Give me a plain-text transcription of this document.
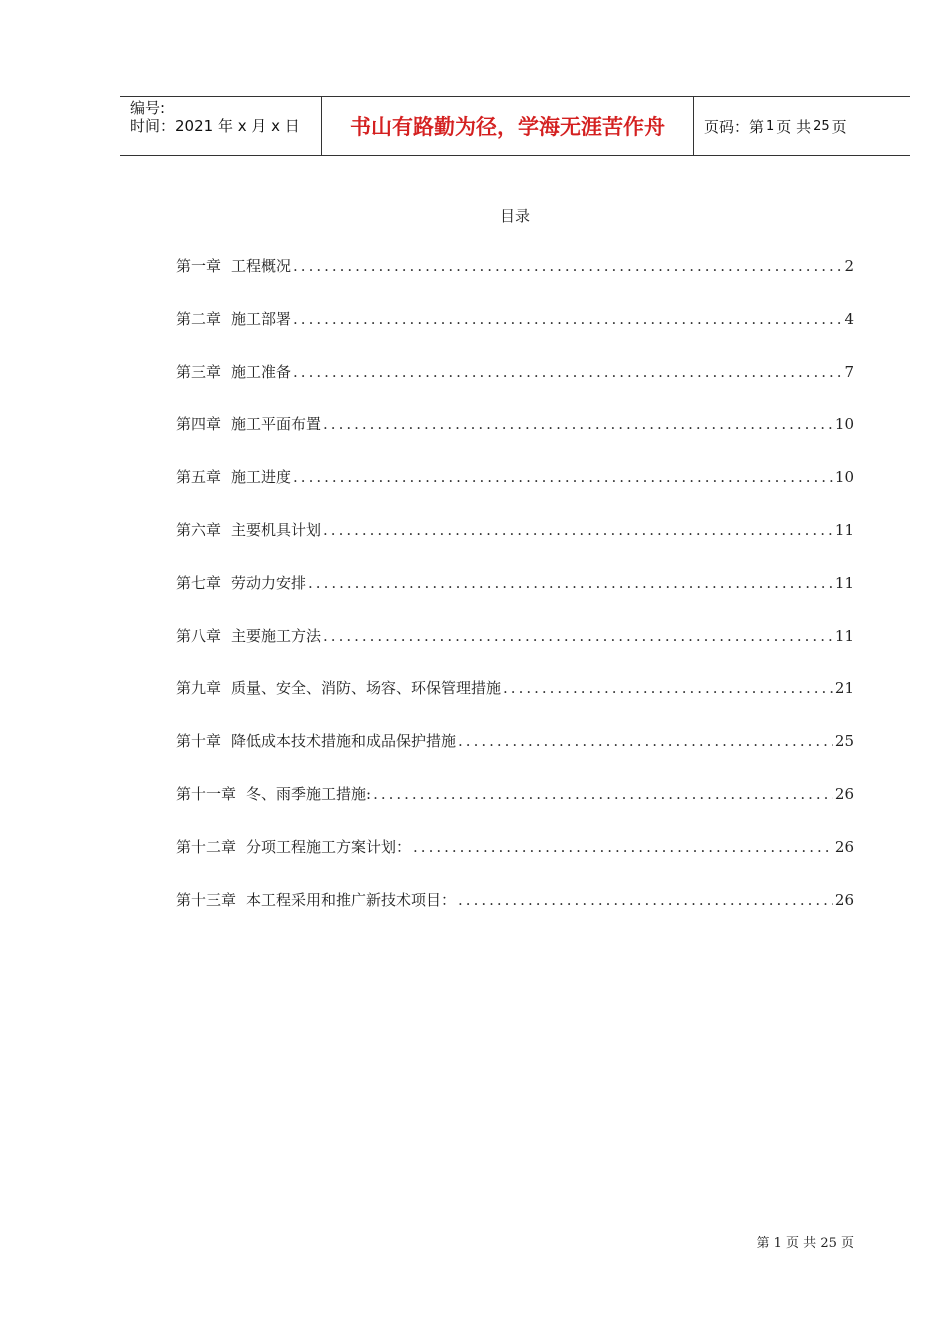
编号:
时间：2021 年 x 月 x 日	书山有路勤为径，学海无涯苦作舟	页码：第 1 页 共 25 页
目录
第一章 工程概况 .....	2
第二章 施工部署 .....	4
第三章 施工准备 .....	7
第四章 施工平面布置 .....	10
第五章 施工进度 .....	10
第六章 主要机具计划 .....	11
第七章 劳动力安排 .....	11
第八章 主要施工方法 .....	11
第九章 质量、安全、消防、场容、环保管理措施 .....	21
第十章 降低成本技术措施和成品保护措施 .....	25
第十一章 冬、雨季施工措施: .....	26
第十二章 分项工程施工方案计划： .....	26
第十三章 本工程采用和推广新技术项目： .....	26
第 1 页 共 25 页
